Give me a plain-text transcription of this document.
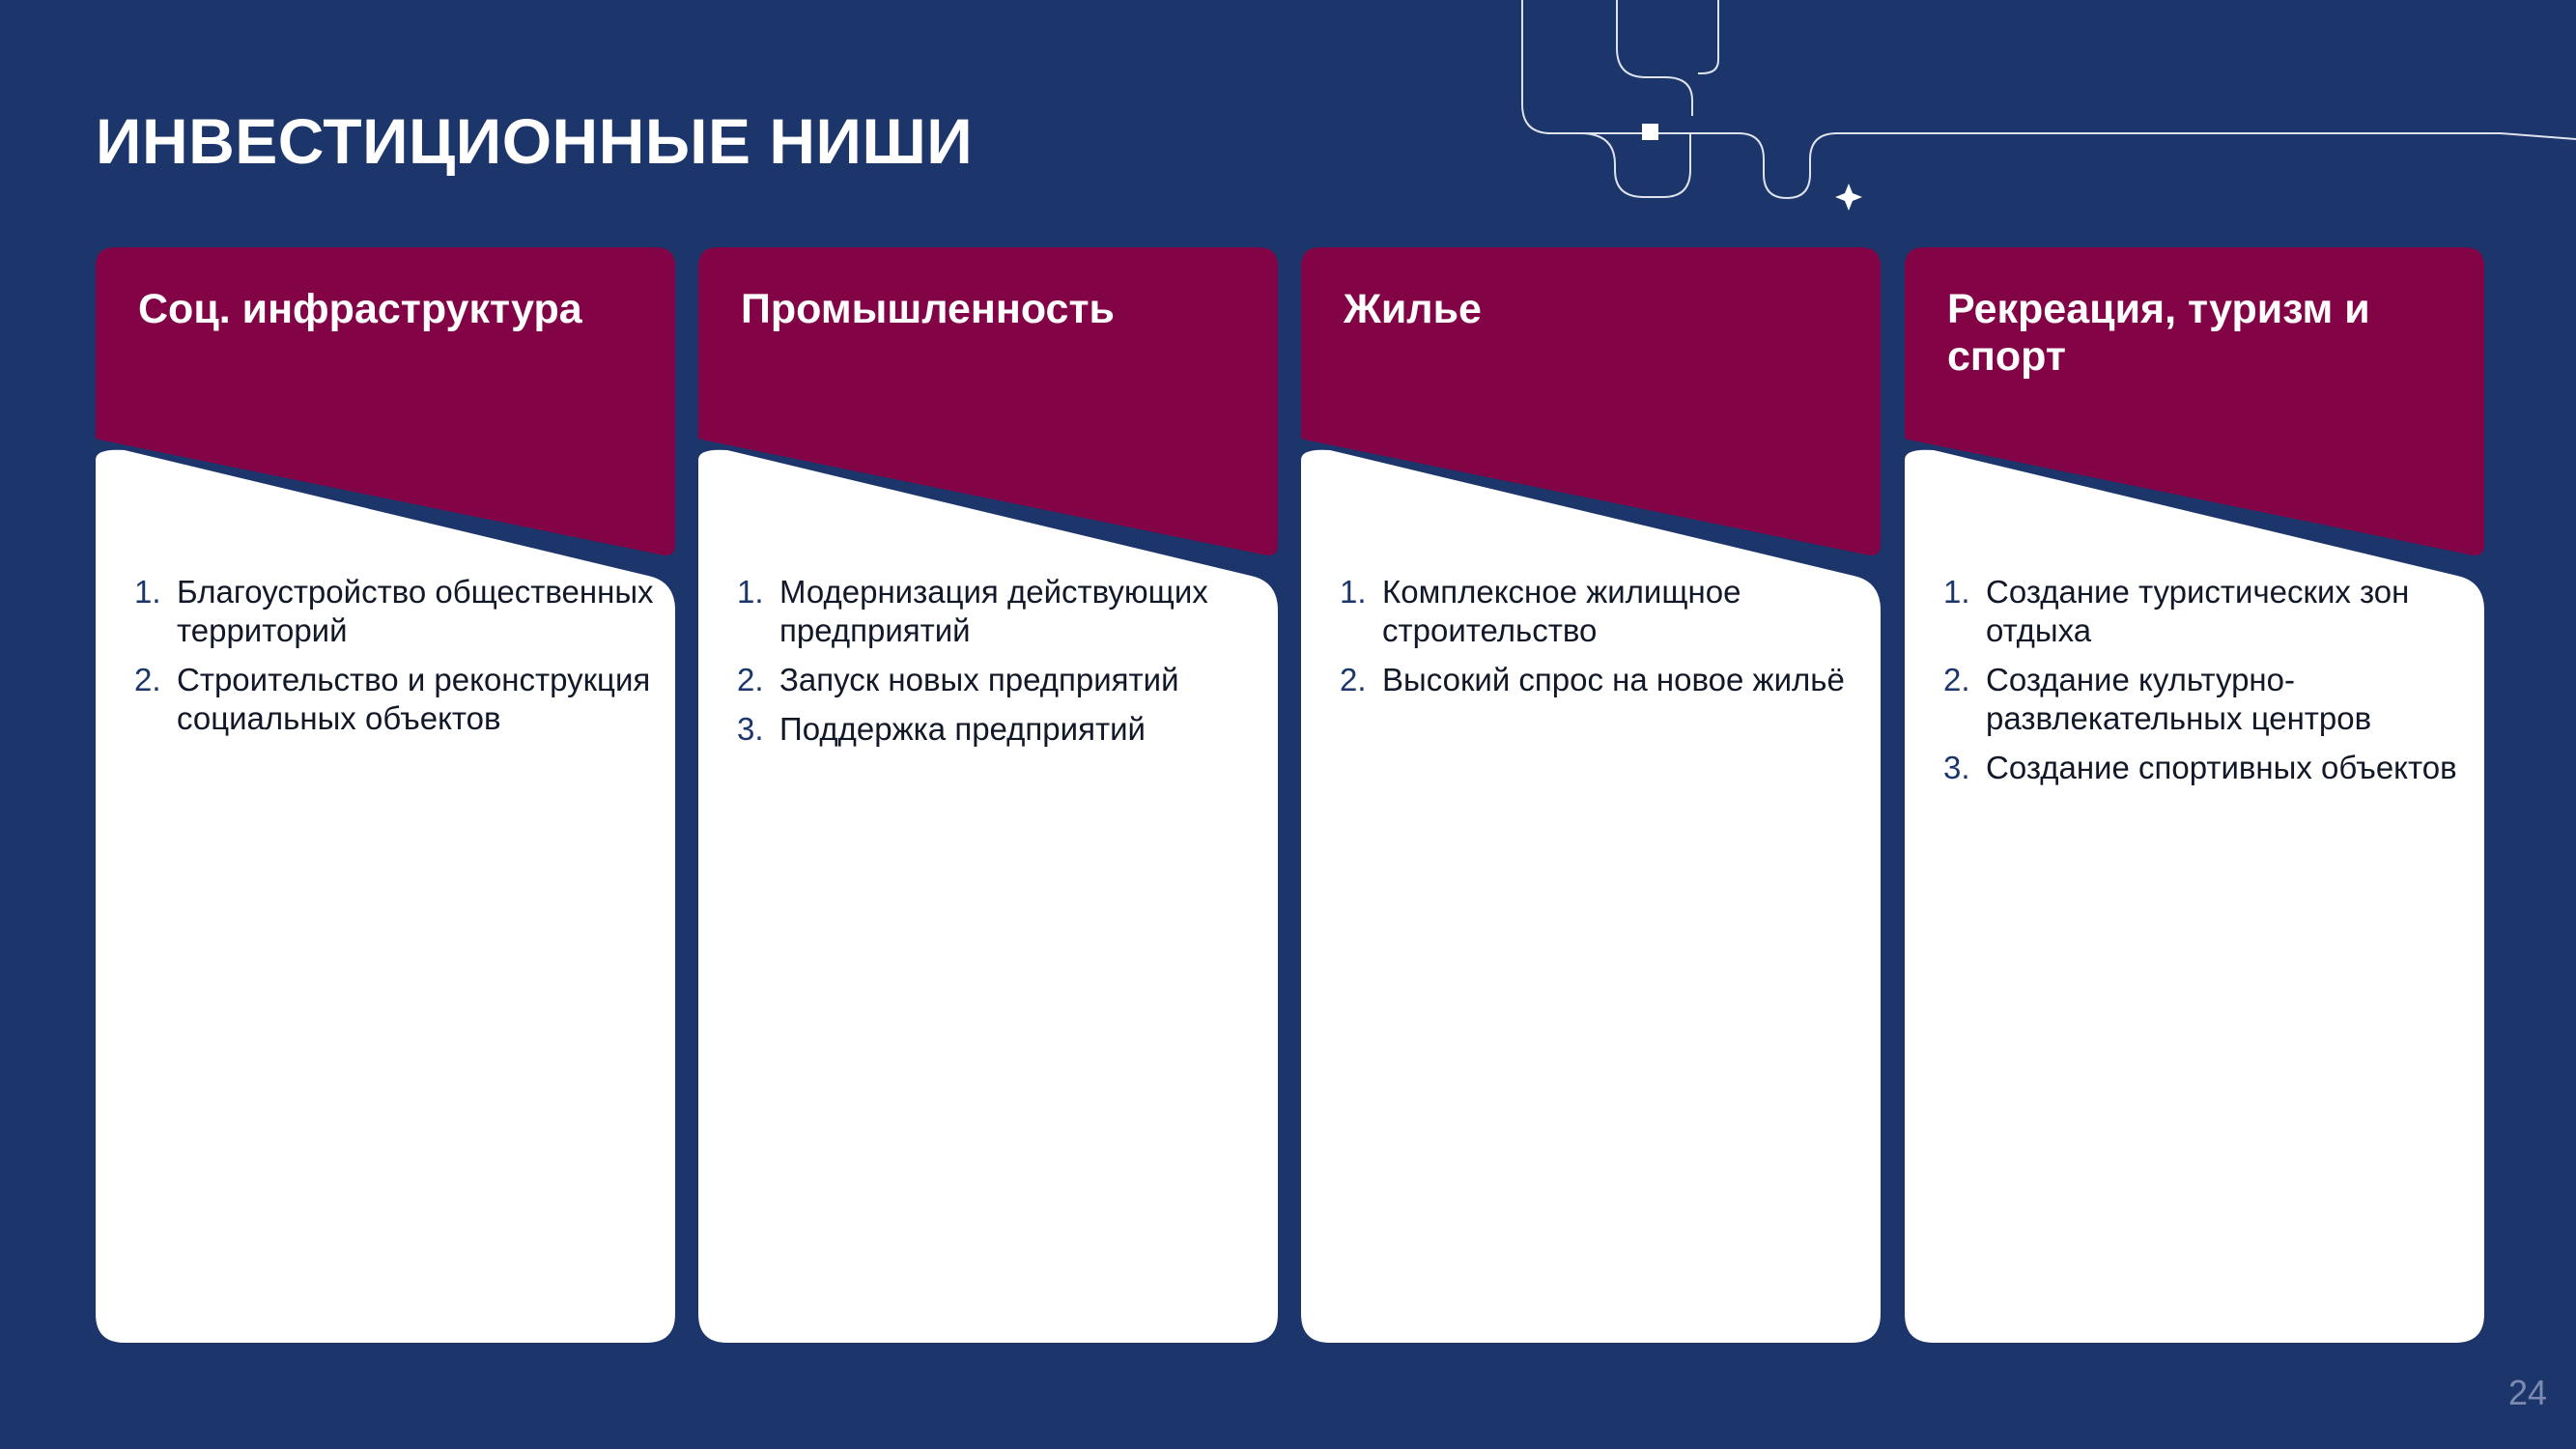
ИНВЕСТИЦИОННЫЕ НИШИ
Соц. инфраструктура
1. Благоустройство общественных территорий
2. Строительство и реконструкция социальных объектов
Промышленность
1. Модернизация действующих предприятий
2. Запуск новых предприятий
3. Поддержка предприятий
Жилье
1. Комплексное жилищное строительство
2. Высокий спрос на новое жильё
Рекреация, туризм и спорт
1. Создание туристических зон отдыха
2. Создание культурно-развлекательных центров
3. Создание спортивных объектов
24
